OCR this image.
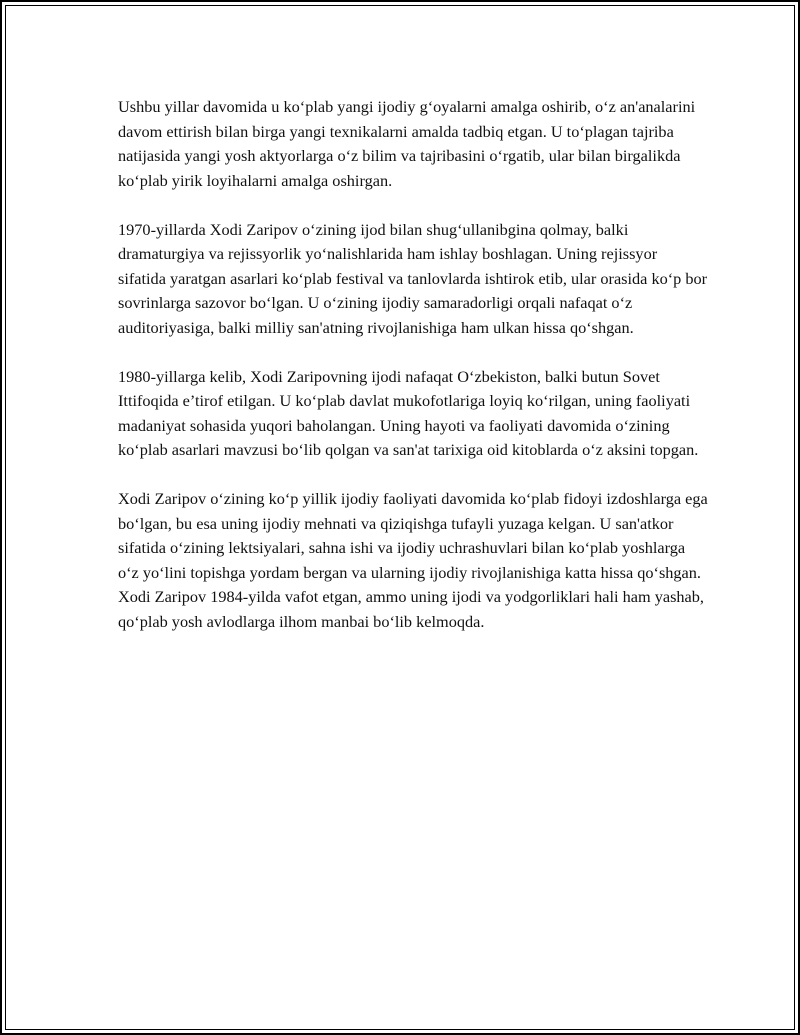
Ushbu yillar davomida u koʻplab yangi ijodiy gʻoyalarni amalga oshirib, oʻz an'analarini davom ettirish bilan birga yangi texnikalarni amalda tadbiq etgan. U toʻplagan tajriba natijasida yangi yosh aktyorlarga oʻz bilim va tajribasini oʻrgatib, ular bilan birgalikda koʻplab yirik loyihalarni amalga oshirgan.

1970-yillarda Xodi Zaripov oʻzining ijod bilan shugʻullanibgina qolmay, balki dramaturgiya va rejissyorlik yoʻnalishlarida ham ishlay boshlagan. Uning rejissyor sifatida yaratgan asarlari koʻplab festival va tanlovlarda ishtirok etib, ular orasida koʻp bor sovrinlarga sazovor boʻlgan. U oʻzining ijodiy samaradorligi orqali nafaqat oʻz auditoriyasiga, balki milliy san'atning rivojlanishiga ham ulkan hissa qoʻshgan.

1980-yillarga kelib, Xodi Zaripovning ijodi nafaqat Oʻzbekiston, balki butun Sovet Ittifoqida e’tirof etilgan. U koʻplab davlat mukofotlariga loyiq koʻrilgan, uning faoliyati madaniyat sohasida yuqori baholangan. Uning hayoti va faoliyati davomida oʻzining koʻplab asarlari mavzusi boʻlib qolgan va san'at tarixiga oid kitoblarda oʻz aksini topgan.

Xodi Zaripov oʻzining koʻp yillik ijodiy faoliyati davomida koʻplab fidoyi izdoshlarga ega boʻlgan, bu esa uning ijodiy mehnati va qiziqishga tufayli yuzaga kelgan. U san'atkor sifatida oʻzining lektsiyalari, sahna ishi va ijodiy uchrashuvlari bilan koʻplab yoshlarga oʻz yoʻlini topishga yordam bergan va ularning ijodiy rivojlanishiga katta hissa qoʻshgan. Xodi Zaripov 1984-yilda vafot etgan, ammo uning ijodi va yodgorliklari hali ham yashab, qoʻplab yosh avlodlarga ilhom manbai boʻlib kelmoqda.
